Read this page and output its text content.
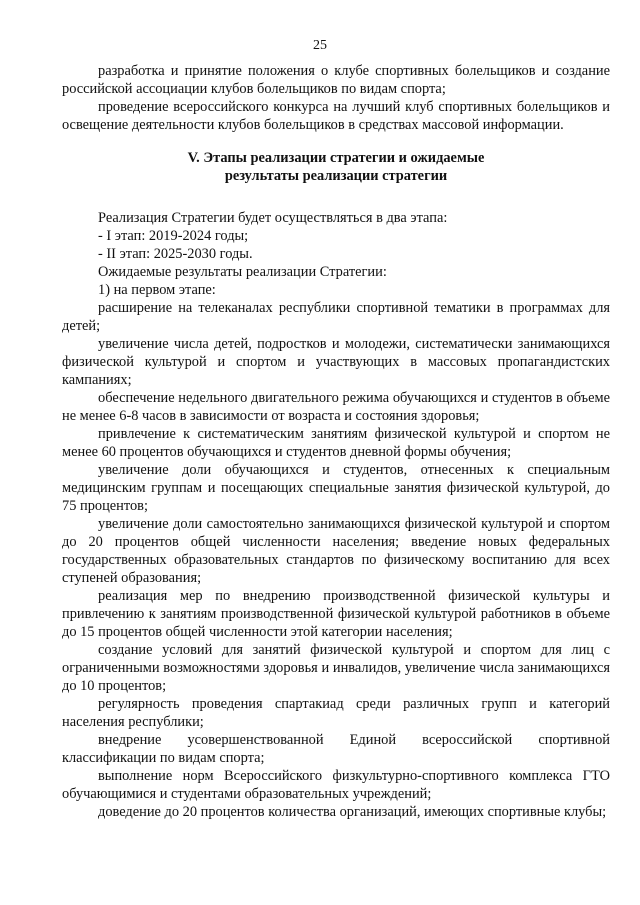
25

разработка и принятие положения о клубе спортивных болельщиков и создание российской ассоциации клубов болельщиков по видам спорта;

проведение всероссийского конкурса на лучший клуб спортивных болельщиков и освещение деятельности клубов болельщиков в средствах массовой информации.

V. Этапы реализации стратегии и ожидаемые
результаты реализации стратегии

Реализация Стратегии будет осуществляться в два этапа:

- I этап: 2019-2024 годы;

- II этап: 2025-2030 годы.

Ожидаемые результаты реализации Стратегии:

1) на первом этапе:

расширение на телеканалах республики спортивной тематики в программах для детей;

увеличение числа детей, подростков и молодежи, систематически занимающихся физической культурой и спортом и участвующих в массовых пропагандистских кампаниях;

обеспечение недельного двигательного режима обучающихся и студентов в объеме не менее 6-8 часов в зависимости от возраста и состояния здоровья;

привлечение к систематическим занятиям физической культурой и спортом не менее 60 процентов обучающихся и студентов дневной формы обучения;

увеличение доли обучающихся и студентов, отнесенных к специальным медицинским группам и посещающих специальные занятия физической культурой, до 75 процентов;

увеличение доли самостоятельно занимающихся физической культурой и спортом до 20 процентов общей численности населения; введение новых федеральных государственных образовательных стандартов по физическому воспитанию для всех ступеней образования;

реализация мер по внедрению производственной физической культуры и привлечению к занятиям производственной физической культурой работников в объеме до 15 процентов общей численности этой категории населения;

создание условий для занятий физической культурой и спортом для лиц с ограниченными возможностями здоровья и инвалидов, увеличение числа занимающихся до 10 процентов;

регулярность проведения спартакиад среди различных групп и категорий населения республики;

внедрение усовершенствованной Единой всероссийской спортивной классификации по видам спорта;

выполнение норм Всероссийского физкультурно-спортивного комплекса ГТО обучающимися и студентами образовательных учреждений;

доведение до 20 процентов количества организаций, имеющих спортивные клубы;
